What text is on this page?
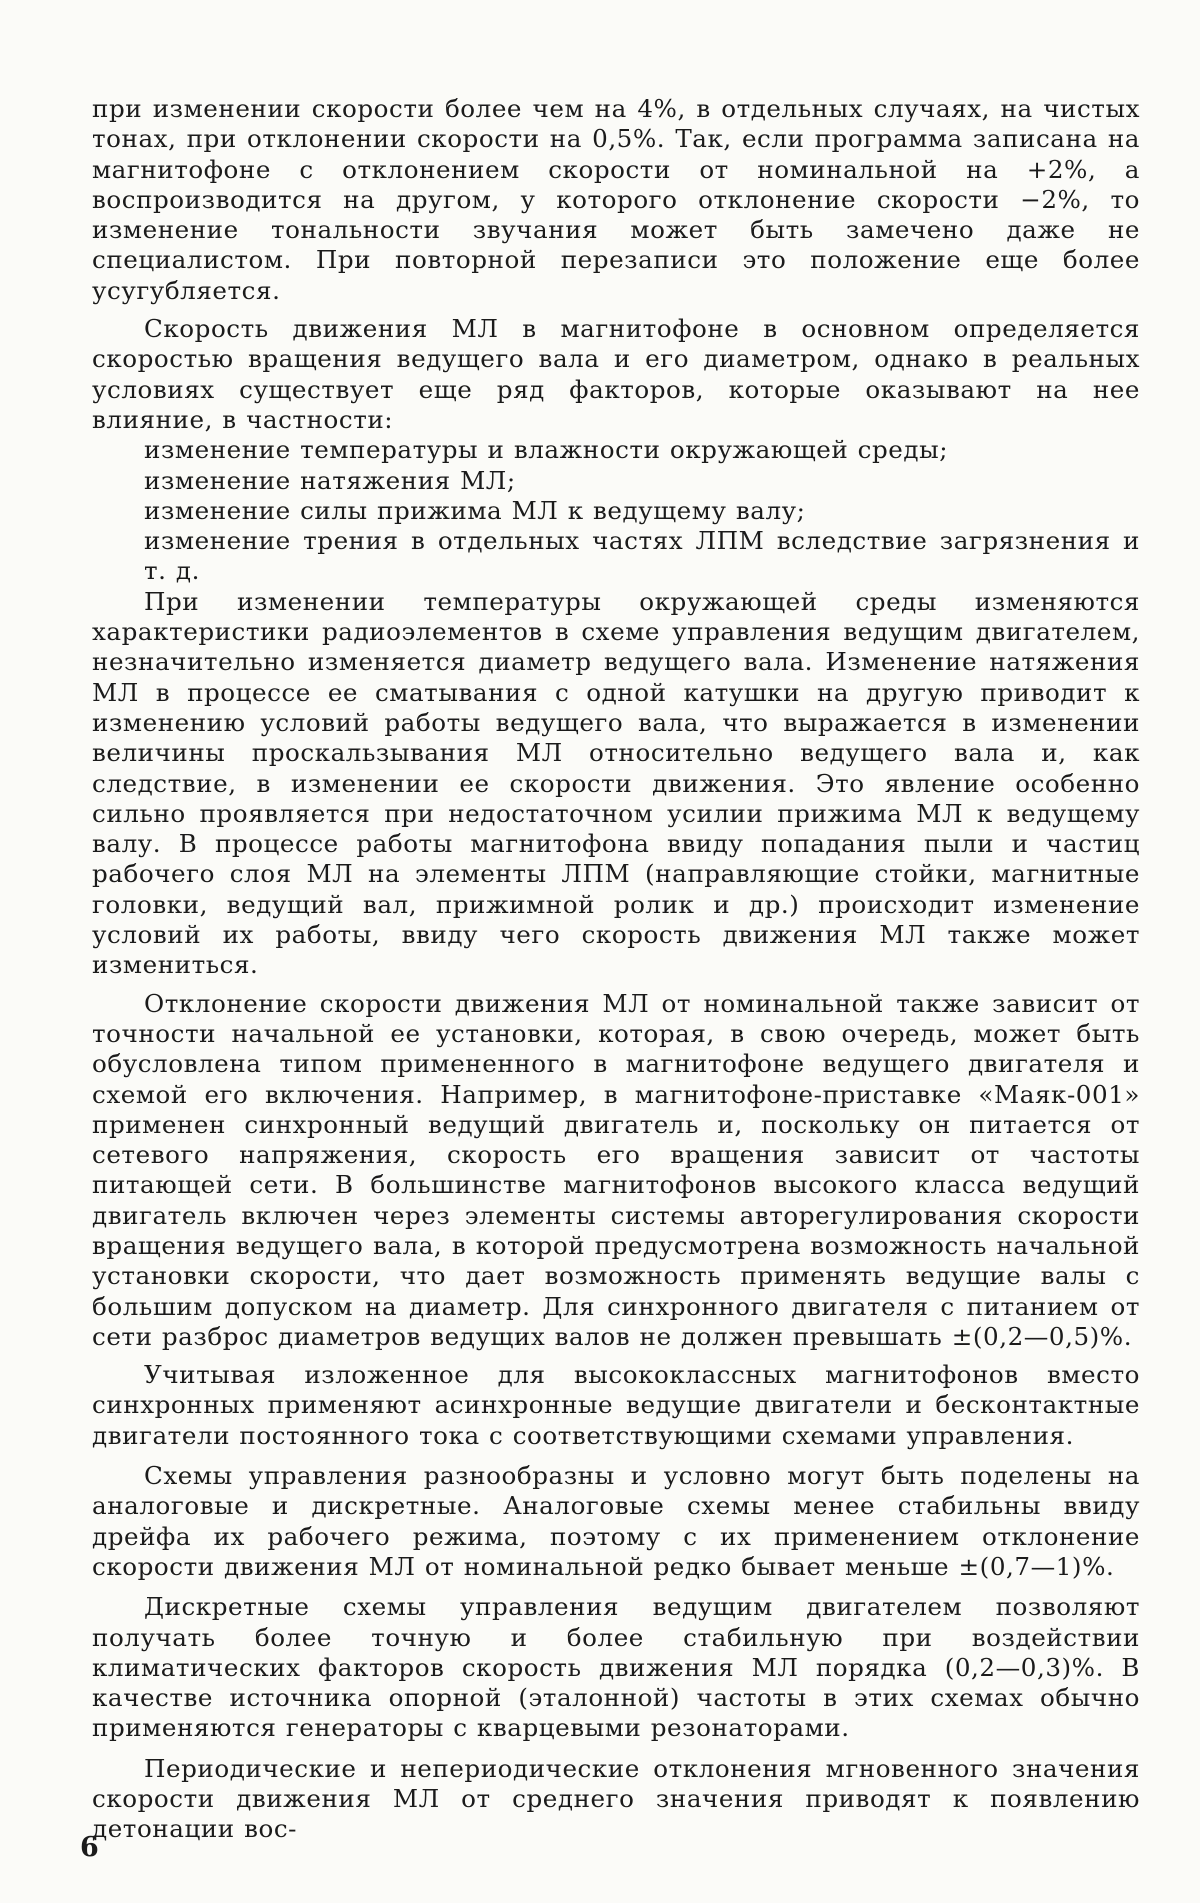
при изменении скорости более чем на 4%, в отдельных случаях, на чистых тонах, при отклонении скорости на 0,5%. Так, если программа записана на магнитофоне с отклонением скорости от номинальной на +2%, а воспроизводится на другом, у которого отклонение скорости −2%, то изменение тональности звучания может быть замечено даже не специалистом. При повторной перезаписи это положение еще более усугубляется.

Скорость движения МЛ в магнитофоне в основном определяется скоростью вращения ведущего вала и его диаметром, однако в реальных условиях существует еще ряд факторов, которые оказывают на нее влияние, в частности:

изменение температуры и влажности окружающей среды;

изменение натяжения МЛ;

изменение силы прижима МЛ к ведущему валу;

изменение трения в отдельных частях ЛПМ вследствие загрязнения и т. д.

При изменении температуры окружающей среды изменяются характеристики радиоэлементов в схеме управления ведущим двигателем, незначительно изменяется диаметр ведущего вала. Изменение натяжения МЛ в процессе ее сматывания с одной катушки на другую приводит к изменению условий работы ведущего вала, что выражается в изменении величины проскальзывания МЛ относительно ведущего вала и, как следствие, в изменении ее скорости движения. Это явление особенно сильно проявляется при недостаточном усилии прижима МЛ к ведущему валу. В процессе работы магнитофона ввиду попадания пыли и частиц рабочего слоя МЛ на элементы ЛПМ (направляющие стойки, магнитные головки, ведущий вал, прижимной ролик и др.) происходит изменение условий их работы, ввиду чего скорость движения МЛ также может измениться.

Отклонение скорости движения МЛ от номинальной также зависит от точности начальной ее установки, которая, в свою очередь, может быть обусловлена типом примененного в магнитофоне ведущего двигателя и схемой его включения. Например, в магнитофоне-приставке «Маяк-001» применен синхронный ведущий двигатель и, поскольку он питается от сетевого напряжения, скорость его вращения зависит от частоты питающей сети. В большинстве магнитофонов высокого класса ведущий двигатель включен через элементы системы авторегулирования скорости вращения ведущего вала, в которой предусмотрена возможность начальной установки скорости, что дает возможность применять ведущие валы с большим допуском на диаметр. Для синхронного двигателя с питанием от сети разброс диаметров ведущих валов не должен превышать ±(0,2—0,5)%.

Учитывая изложенное для высококлассных магнитофонов вместо синхронных применяют асинхронные ведущие двигатели и бесконтактные двигатели постоянного тока с соответствующими схемами управления.

Схемы управления разнообразны и условно могут быть поделены на аналоговые и дискретные. Аналоговые схемы менее стабильны ввиду дрейфа их рабочего режима, поэтому с их применением отклонение скорости движения МЛ от номинальной редко бывает меньше ±(0,7—1)%.

Дискретные схемы управления ведущим двигателем позволяют получать более точную и более стабильную при воздействии климатических факторов скорость движения МЛ порядка (0,2—0,3)%. В качестве источника опорной (эталонной) частоты в этих схемах обычно применяются генераторы с кварцевыми резонаторами.

Периодические и непериодические отклонения мгновенного значения скорости движения МЛ от среднего значения приводят к появлению детонации вос-

6
